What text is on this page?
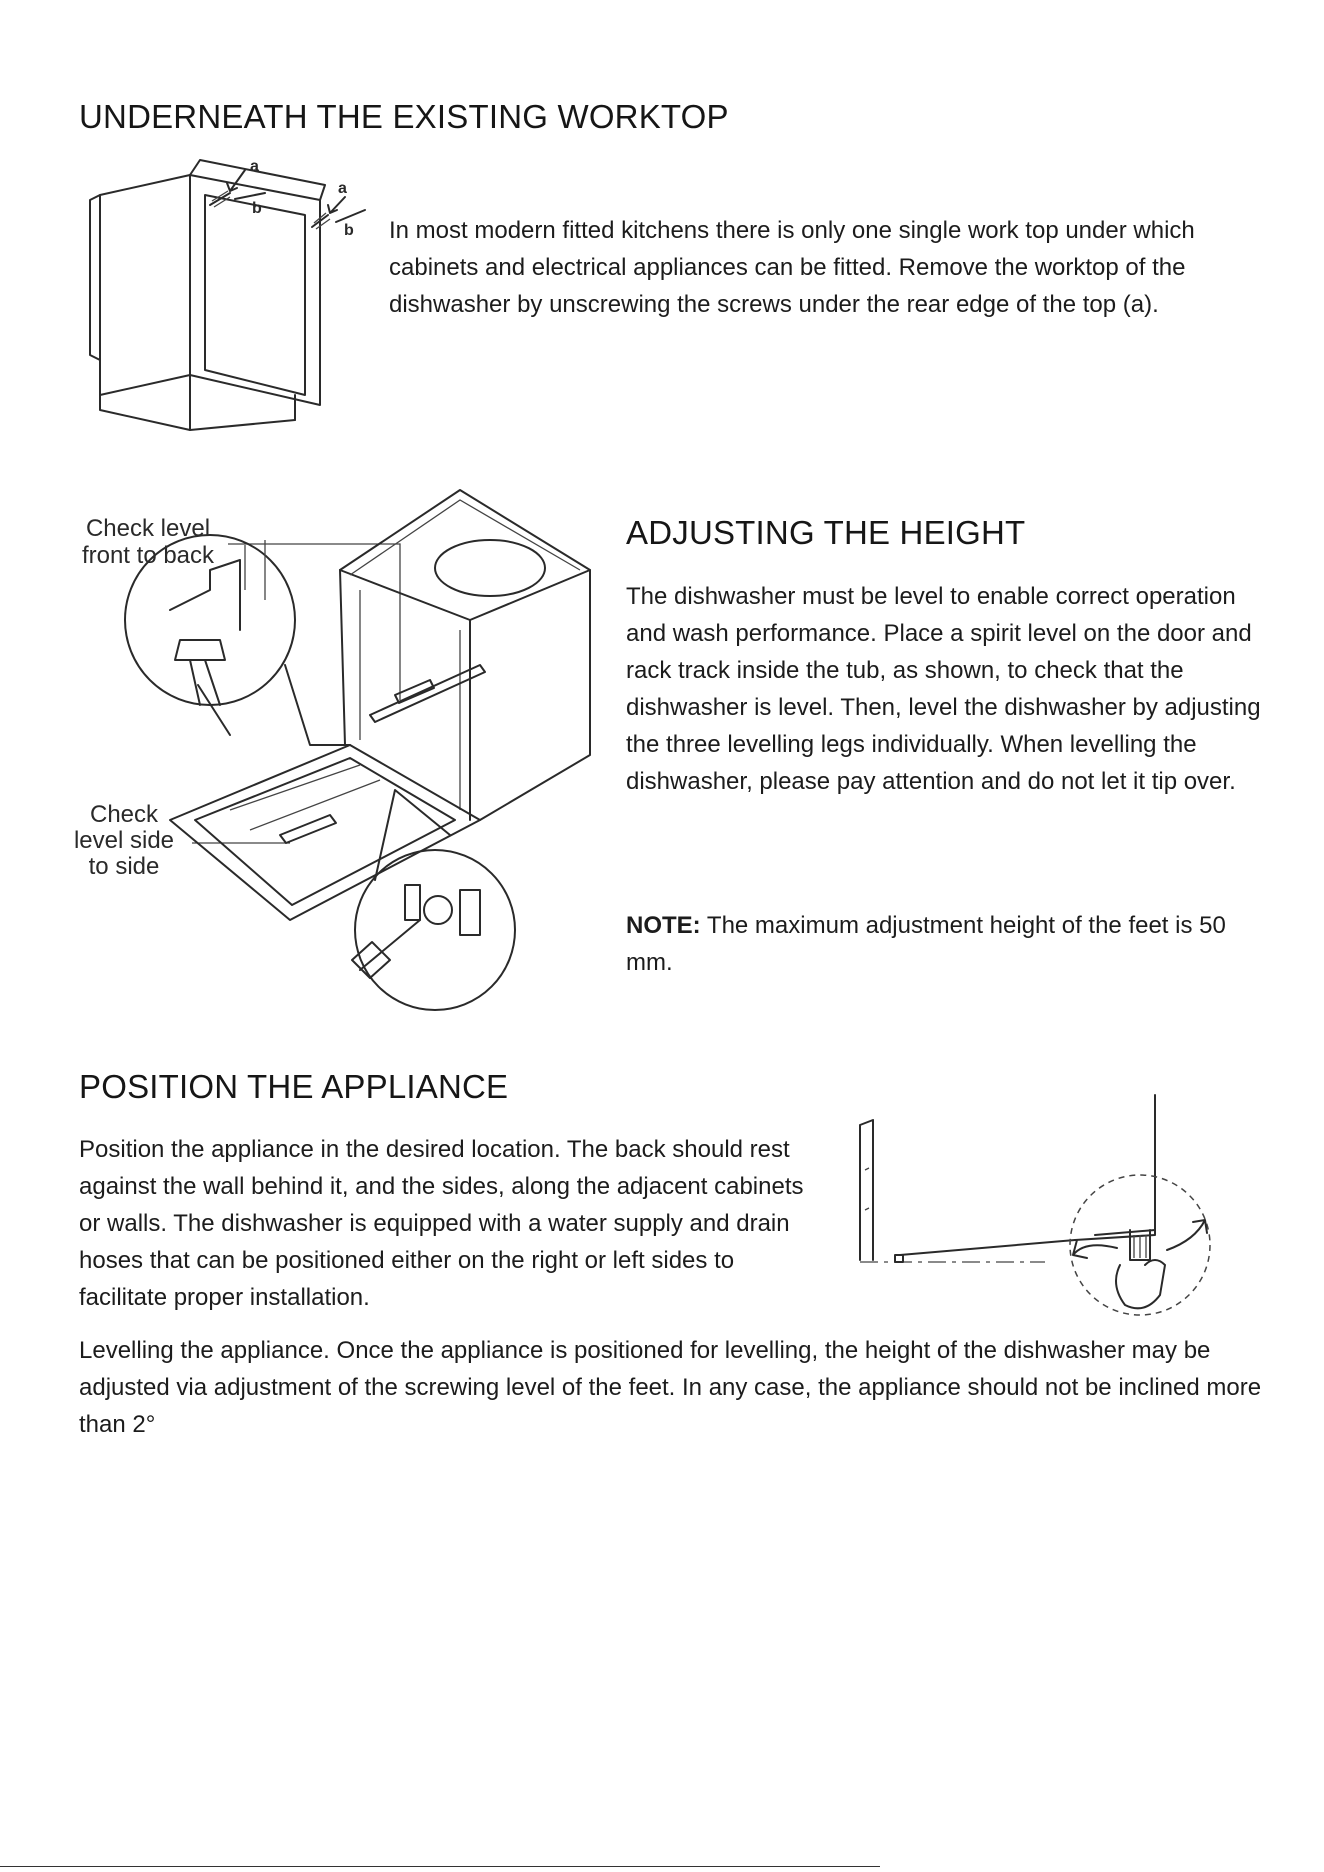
UNDERNEATH THE EXISTING WORKTOP
a
b
a
b In most modern fitted kitchens there is only one single work top under which cabinets and electrical appliances can be fitted. Remove the worktop of the dishwasher by unscrewing the screws under the rear edge of the top (a).

Check level
front to back
Check
level side
to side
ADJUSTING THE HEIGHT

The dishwasher must be level to enable correct operation and wash performance. Place a spirit level on the door and rack track inside the tub, as shown, to check that the dishwasher is level. Then, level the dishwasher by adjusting the three levelling legs individually. When levelling the dishwasher, please pay attention and do not let it tip over.

NOTE: The maximum adjustment height of the feet is 50 mm.

POSITION THE APPLIANCE

Position the appliance in the desired location. The back should rest against the wall behind it, and the sides, along the adjacent cabinets or walls. The dishwasher is equipped with a water supply and drain hoses that can be positioned either on the right or left sides to facilitate proper installation.

Levelling the appliance. Once the appliance is positioned for levelling, the height of the dishwasher may be adjusted via adjustment of the screwing level of the feet. In any case, the appliance should not be inclined more than 2°
